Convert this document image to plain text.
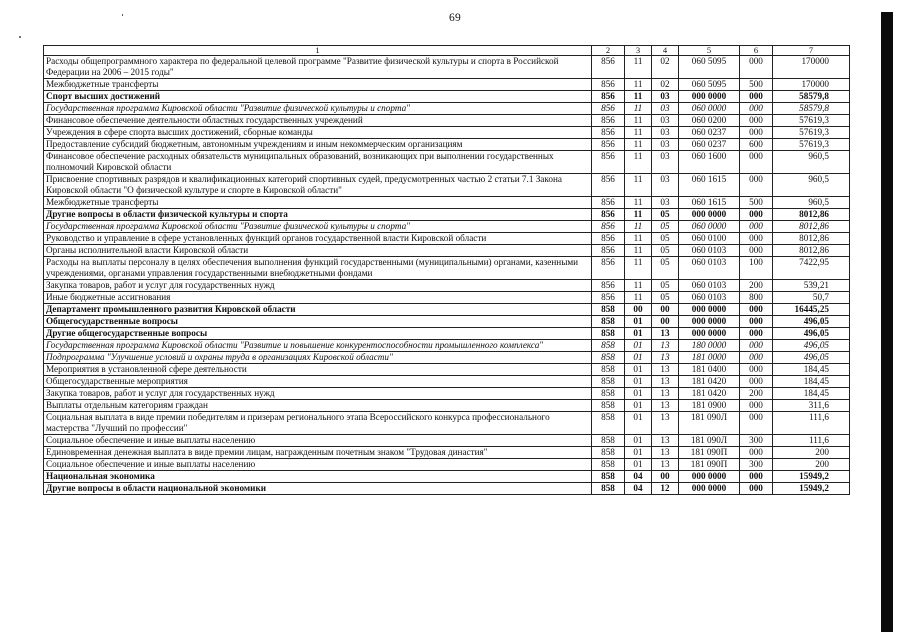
69
1	2	3	4	5	6	7
Расходы общепрограммного характера по федеральной целевой программе "Развитие физической культуры и спорта в Российской Федерации на 2006 – 2015 годы"	856	11	02	060 5095	000	170000
Межбюджетные трансферты	856	11	02	060 5095	500	170000
Спорт высших достижений	856	11	03	000 0000	000	58579,8
Государственная программа Кировской области "Развитие физической культуры и спорта"	856	11	03	060 0000	000	58579,8
Финансовое обеспечение деятельности областных государственных учреждений	856	11	03	060 0200	000	57619,3
Учреждения в сфере спорта высших достижений, сборные команды	856	11	03	060 0237	000	57619,3
Предоставление субсидий бюджетным, автономным учреждениям и иным некоммерческим организациям	856	11	03	060 0237	600	57619,3
Финансовое обеспечение расходных обязательств муниципальных образований, возникающих при выполнении государственных полномочий Кировской области	856	11	03	060 1600	000	960,5
Присвоение спортивных разрядов и квалификационных категорий спортивных судей, предусмотренных частью 2 статьи 7.1 Закона Кировской области "О физической культуре и спорте в Кировской области"	856	11	03	060 1615	000	960,5
Межбюджетные трансферты	856	11	03	060 1615	500	960,5
Другие вопросы в области физической культуры и спорта	856	11	05	000 0000	000	8012,86
Государственная программа Кировской области "Развитие физической культуры и спорта"	856	11	05	060 0000	000	8012,86
Руководство и управление в сфере установленных функций органов государственной власти Кировской области	856	11	05	060 0100	000	8012,86
Органы исполнительной власти Кировской области	856	11	05	060 0103	000	8012,86
Расходы на выплаты персоналу в целях обеспечения выполнения функций государственными (муниципальными) органами, казенными учреждениями, органами управления государственными внебюджетными фондами	856	11	05	060 0103	100	7422,95
Закупка товаров, работ и услуг для государственных нужд	856	11	05	060 0103	200	539,21
Иные бюджетные ассигнования	856	11	05	060 0103	800	50,7
Департамент промышленного развития Кировской области	858	00	00	000 0000	000	16445,25
Общегосударственные вопросы	858	01	00	000 0000	000	496,05
Другие общегосударственные вопросы	858	01	13	000 0000	000	496,05
Государственная программа Кировской области "Развитие и повышение конкурентоспособности промышленного комплекса"	858	01	13	180 0000	000	496,05
Подпрограмма "Улучшение условий и охраны труда в организациях Кировской области"	858	01	13	181 0000	000	496,05
Мероприятия в установленной сфере деятельности	858	01	13	181 0400	000	184,45
Общегосударственные мероприятия	858	01	13	181 0420	000	184,45
Закупка товаров, работ и услуг для государственных нужд	858	01	13	181 0420	200	184,45
Выплаты отдельным категориям граждан	858	01	13	181 0900	000	311,6
Социальная выплата в виде премии победителям и призерам регионального этапа Всероссийского конкурса профессионального мастерства "Лучший по профессии"	858	01	13	181 090Л	000	111,6
Социальное обеспечение и иные выплаты населению	858	01	13	181 090Л	300	111,6
Единовременная денежная выплата в виде премии лицам, награжденным почетным знаком "Трудовая династия"	858	01	13	181 090П	000	200
Социальное обеспечение и иные выплаты населению	858	01	13	181 090П	300	200
Национальная экономика	858	04	00	000 0000	000	15949,2
Другие вопросы в области национальной экономики	858	04	12	000 0000	000	15949,2
